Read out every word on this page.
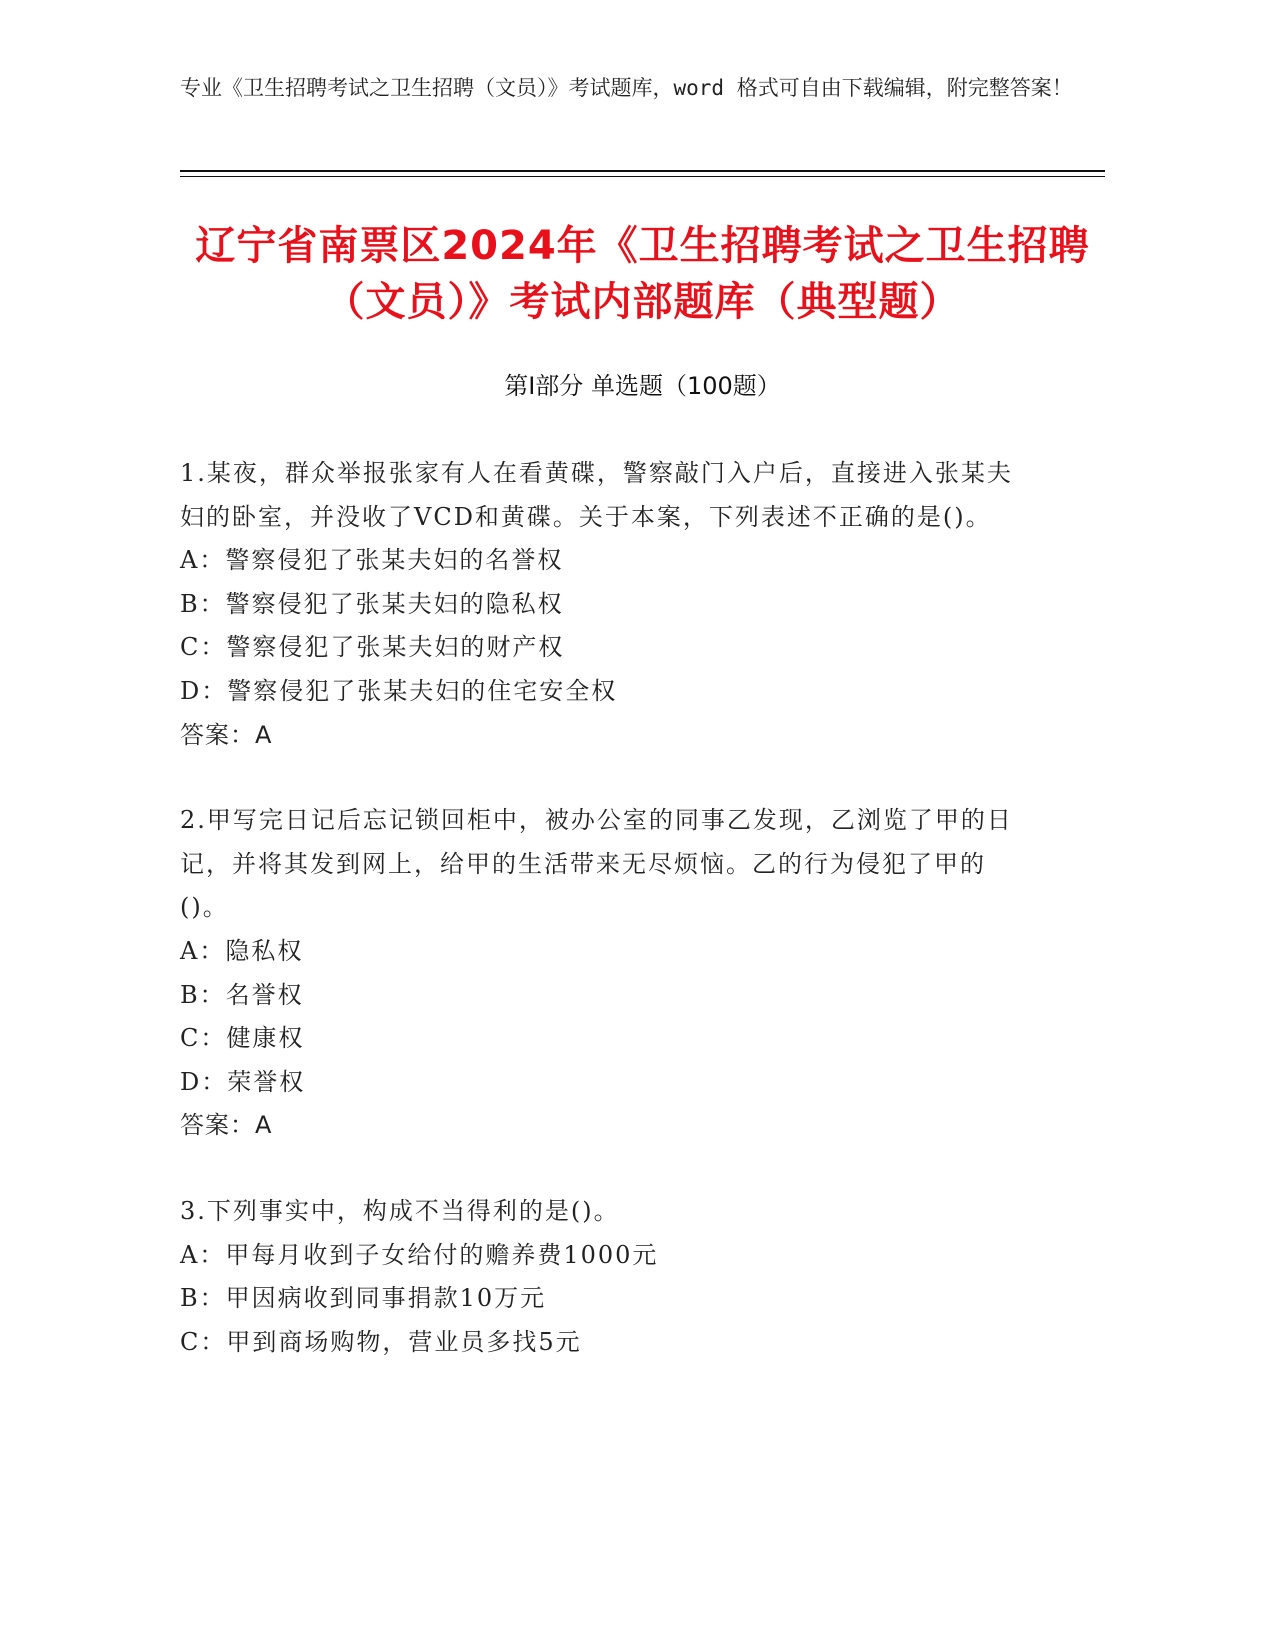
专业《卫生招聘考试之卫生招聘（文员）》考试题库，word 格式可自由下载编辑，附完整答案！
辽宁省南票区2024年《卫生招聘考试之卫生招聘（文员）》考试内部题库（典型题）
第Ⅰ部分 单选题（100题）
1.某夜，群众举报张家有人在看黄碟，警察敲门入户后，直接进入张某夫妇的卧室，并没收了VCD和黄碟。关于本案，下列表述不正确的是()。
A：警察侵犯了张某夫妇的名誉权
B：警察侵犯了张某夫妇的隐私权
C：警察侵犯了张某夫妇的财产权
D：警察侵犯了张某夫妇的住宅安全权
答案：A
2.甲写完日记后忘记锁回柜中，被办公室的同事乙发现，乙浏览了甲的日记，并将其发到网上，给甲的生活带来无尽烦恼。乙的行为侵犯了甲的()。
A：隐私权
B：名誉权
C：健康权
D：荣誉权
答案：A
3.下列事实中，构成不当得利的是()。
A：甲每月收到子女给付的赡养费1000元
B：甲因病收到同事捐款10万元
C：甲到商场购物，营业员多找5元
